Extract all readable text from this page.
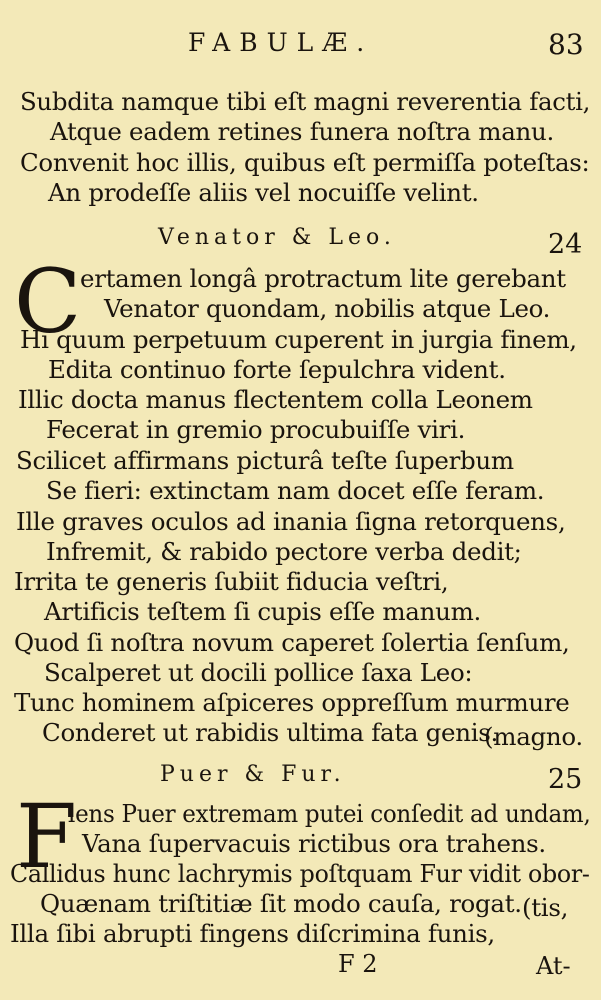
FABULÆ.	83
Subdita namque tibi eſt magni reverentia facti,
Atque eadem retines funera noſtra manu.
Convenit hoc illis, quibus eſt permiſſa poteſtas:
An prodeſſe aliis vel nocuiſſe velint.
Venator & Leo.	24
C
ertamen longâ protractum lite gerebant
Venator quondam, nobilis atque Leo.
Hi quum perpetuum cuperent in jurgia finem,
Edita continuo forte ſepulchra vident.
Illic docta manus flectentem colla Leonem
Fecerat in gremio procubuiſſe viri.
Scilicet affirmans picturâ teſte ſuperbum
Se fieri: extinctam nam docet eſſe feram.
Ille graves oculos ad inania ſigna retorquens,
Infremit, & rabido pectore verba dedit;
Irrita te generis ſubiit fiducia veſtri,
Artificis teſtem ſi cupis eſſe manum.
Quod ſi noſtra novum caperet ſolertia ſenſum,
Scalperet ut docili pollice ſaxa Leo:
Tunc hominem aſpiceres oppreſſum murmure
Conderet ut rabidis ultima fata genis.
(magno.
Puer & Fur.	25
F
lens Puer extremam putei conſedit ad undam,
Vana ſupervacuis rictibus ora trahens.
Callidus hunc lachrymis poſtquam Fur vidit obor-
Quænam triſtitiæ ſit modo cauſa, rogat. (tis,
Illa ſibi abrupti fingens diſcrimina funis,
F 2	At-
